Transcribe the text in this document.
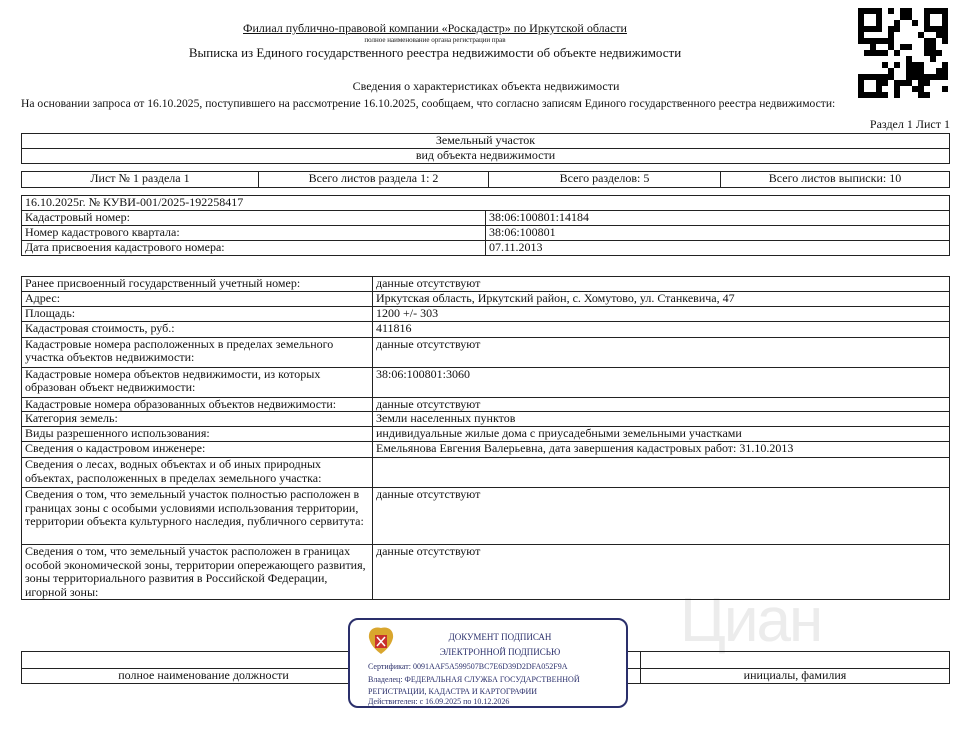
Циан
Филиал публично-правовой компании «Роскадастр» по Иркутской области
полное наименование органа регистрации прав
Выписка из Единого государственного реестра недвижимости об объекте недвижимости
Сведения о характеристиках объекта недвижимости
На основании запроса от 16.10.2025, поступившего на рассмотрение 16.10.2025, сообщаем, что согласно записям Единого государственного реестра недвижимости:
Раздел 1 Лист 1
Земельный участок
вид объекта недвижимости
Лист № 1 раздела 1	Всего листов раздела 1: 2	Всего разделов: 5	Всего листов выписки: 10
16.10.2025г. № КУВИ-001/2025-192258417	
Кадастровый номер:	38:06:100801:14184
Номер кадастрового квартала:	38:06:100801
Дата присвоения кадастрового номера:	07.11.2013
Ранее присвоенный государственный учетный номер:	данные отсутствуют
Адрес:	Иркутская область, Иркутский район, с. Хомутово, ул. Станкевича, 47
Площадь:	1200 +/- 303
Кадастровая стоимость, руб.:	411816
Кадастровые номера расположенных в пределах земельного участка объектов недвижимости:	данные отсутствуют
Кадастровые номера объектов недвижимости, из которых образован объект недвижимости:	38:06:100801:3060
Кадастровые номера образованных объектов недвижимости:	данные отсутствуют
Категория земель:	Земли населенных пунктов
Виды разрешенного использования:	индивидуальные жилые дома с приусадебными земельными участками
Сведения о кадастровом инженере:	Емельянова Евгения Валерьевна, дата завершения кадастровых работ: 31.10.2013
Сведения о лесах, водных объектах и об иных природных объектах, расположенных в пределах земельного участка:	
Сведения о том, что земельный участок полностью расположен в границах зоны с особыми условиями использования территории, территории объекта культурного наследия, публичного сервитута:	данные отсутствуют
Сведения о том, что земельный участок расположен в границах особой экономической зоны, территории опережающего развития, зоны территориального развития в Российской Федерации, игорной зоны:	данные отсутствуют

полное наименование должности		инициалы, фамилия
ДОКУМЕНТ ПОДПИСАН
ЭЛЕКТРОННОЙ ПОДПИСЬЮ
Сертификат: 0091AAF5A599507BC7E6D39D2DFA052F9A
Владелец: ФЕДЕРАЛЬНАЯ СЛУЖБА ГОСУДАРСТВЕННОЙ
РЕГИСТРАЦИИ, КАДАСТРА И КАРТОГРАФИИ
Действителен: с 16.09.2025 по 10.12.2026
